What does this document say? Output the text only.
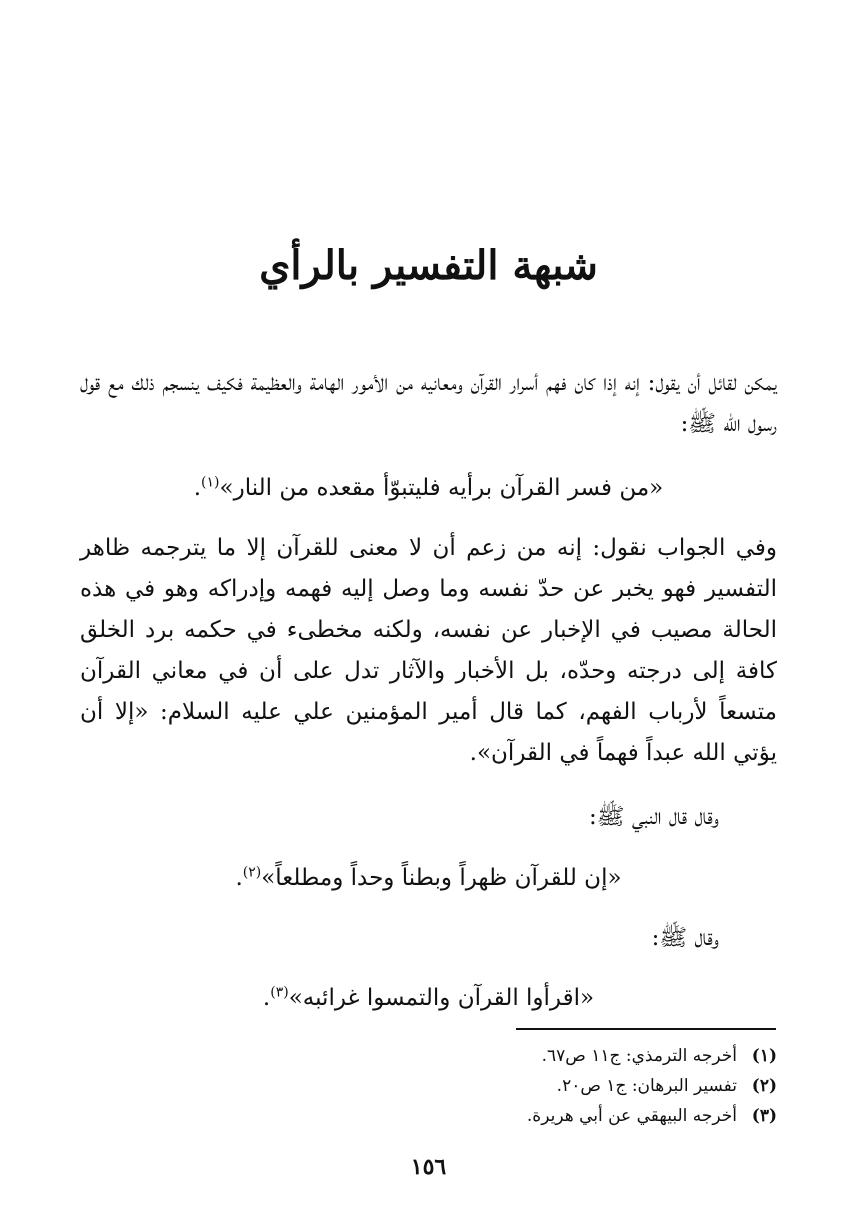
شبهة التفسير بالرأي
يمكن لقائل أن يقول: إنه إذا كان فهم أسرار القرآن ومعانيه من الأمور الهامة والعظيمة فكيف ينسجم ذلك مع قول رسول الله ﷺ:
«من فسر القرآن برأيه فليتبوّأ مقعده من النار»$^{(١)}$.
وفي الجواب نقول: إنه من زعم أن لا معنى للقرآن إلا ما يترجمه ظاهر التفسير فهو يخبر عن حدّ نفسه وما وصل إليه فهمه وإدراكه وهو في هذه الحالة مصيب في الإخبار عن نفسه، ولكنه مخطىء في حكمه برد الخلق كافة إلى درجته وحدّه، بل الأخبار والآثار تدل على أن في معاني القرآن متسعاً لأرباب الفهم، كما قال أمير المؤمنين علي عليه السلام: «إلا أن يؤتي الله عبداً فهماً في القرآن».
وقال قال النبي ﷺ:
«إن للقرآن ظهراً وبطناً وحداً ومطلعاً»$^{(٢)}$.
وقال ﷺ:
«اقرأوا القرآن والتمسوا غرائبه»$^{(٣)}$.
(١)
أخرجه الترمذي: ج١١ ص٦٧.
(٢)
تفسير البرهان: ج١ ص٢٠.
(٣)
أخرجه البيهقي عن أبي هريرة.
١٥٦
